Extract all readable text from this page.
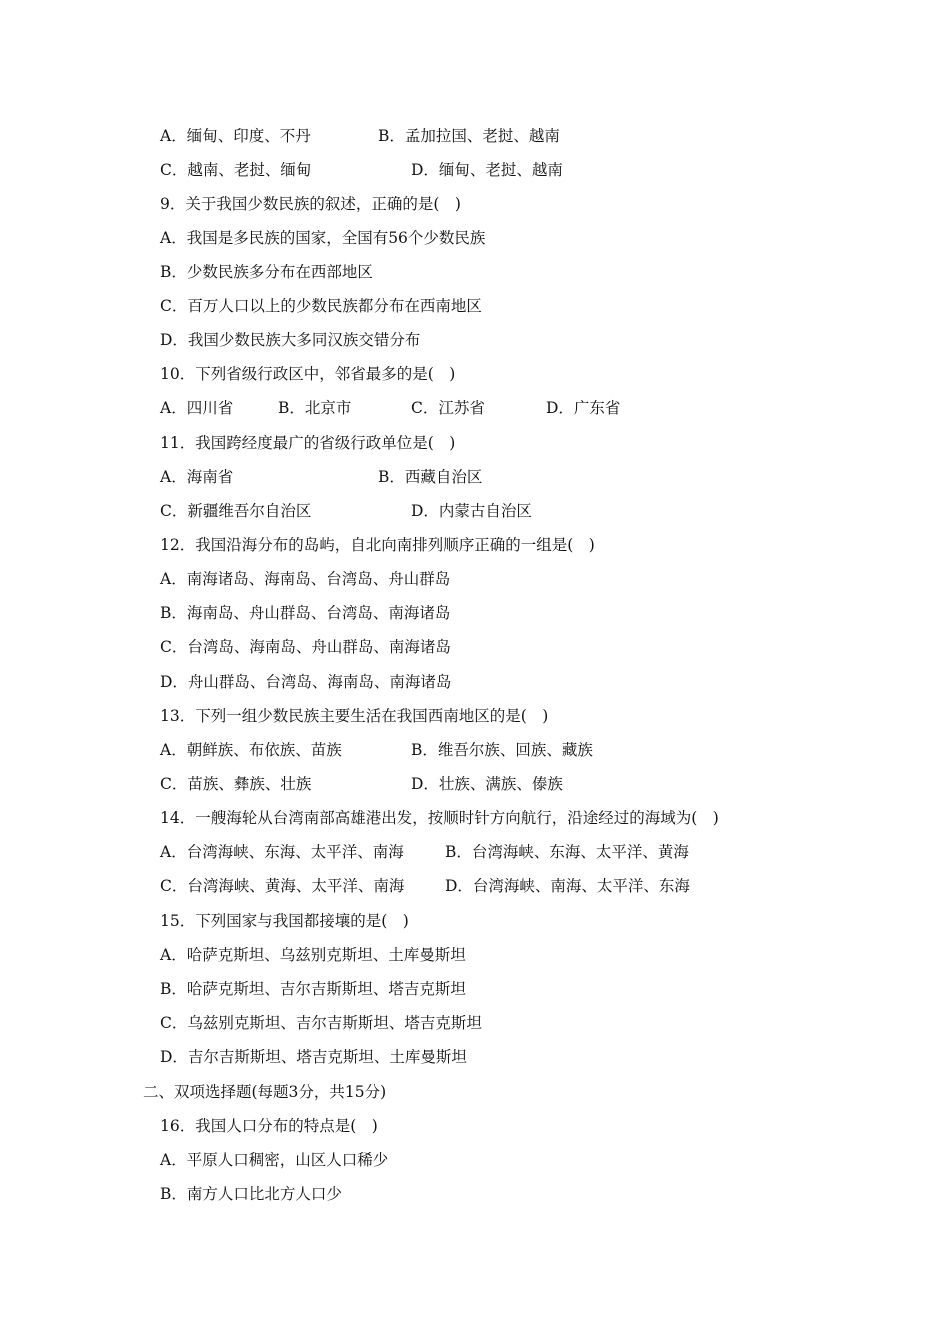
A．缅甸、印度、不丹	B．孟加拉国、老挝、越南
C．越南、老挝、缅甸	D．缅甸、老挝、越南
9．关于我国少数民族的叙述，正确的是(　)
A．我国是多民族的国家，全国有56个少数民族
B．少数民族多分布在西部地区
C．百万人口以上的少数民族都分布在西南地区
D．我国少数民族大多同汉族交错分布
10．下列省级行政区中，邻省最多的是(　)
A．四川省	B．北京市	C．江苏省	D．广东省
11．我国跨经度最广的省级行政单位是(　)
A．海南省	B．西藏自治区
C．新疆维吾尔自治区	D．内蒙古自治区
12．我国沿海分布的岛屿，自北向南排列顺序正确的一组是(　)
A．南海诸岛、海南岛、台湾岛、舟山群岛
B．海南岛、舟山群岛、台湾岛、南海诸岛
C．台湾岛、海南岛、舟山群岛、南海诸岛
D．舟山群岛、台湾岛、海南岛、南海诸岛
13．下列一组少数民族主要生活在我国西南地区的是(　)
A．朝鲜族、布依族、苗族	B．维吾尔族、回族、藏族
C．苗族、彝族、壮族	D．壮族、满族、傣族
14．一艘海轮从台湾南部高雄港出发，按顺时针方向航行，沿途经过的海域为(　)
A．台湾海峡、东海、太平洋、南海	B．台湾海峡、东海、太平洋、黄海
C．台湾海峡、黄海、太平洋、南海	D．台湾海峡、南海、太平洋、东海
15．下列国家与我国都接壤的是(　)
A．哈萨克斯坦、乌兹别克斯坦、土库曼斯坦
B．哈萨克斯坦、吉尔吉斯斯坦、塔吉克斯坦
C．乌兹别克斯坦、吉尔吉斯斯坦、塔吉克斯坦
D．吉尔吉斯斯坦、塔吉克斯坦、土库曼斯坦
二、双项选择题(每题3分，共15分)
16．我国人口分布的特点是(　)
A．平原人口稠密，山区人口稀少
B．南方人口比北方人口少
